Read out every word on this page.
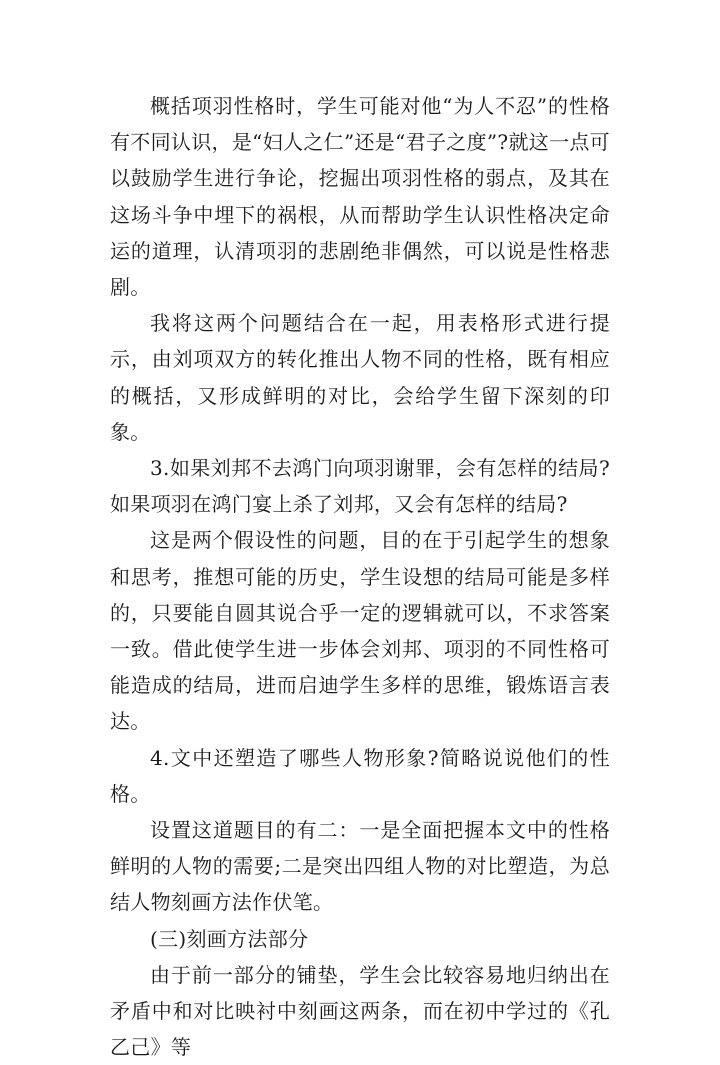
概括项羽性格时，学生可能对他“为人不忍”的性格有不同认识，是“妇人之仁”还是“君子之度”?就这一点可以鼓励学生进行争论，挖掘出项羽性格的弱点，及其在这场斗争中埋下的祸根，从而帮助学生认识性格决定命运的道理，认清项羽的悲剧绝非偶然，可以说是性格悲剧。

我将这两个问题结合在一起，用表格形式进行提示，由刘项双方的转化推出人物不同的性格，既有相应的概括，又形成鲜明的对比，会给学生留下深刻的印象。

3.如果刘邦不去鸿门向项羽谢罪，会有怎样的结局?如果项羽在鸿门宴上杀了刘邦，又会有怎样的结局?

这是两个假设性的问题，目的在于引起学生的想象和思考，推想可能的历史，学生设想的结局可能是多样的，只要能自圆其说合乎一定的逻辑就可以，不求答案一致。借此使学生进一步体会刘邦、项羽的不同性格可能造成的结局，进而启迪学生多样的思维，锻炼语言表达。

4.文中还塑造了哪些人物形象?简略说说他们的性格。

设置这道题目的有二：一是全面把握本文中的性格鲜明的人物的需要;二是突出四组人物的对比塑造，为总结人物刻画方法作伏笔。

(三)刻画方法部分

由于前一部分的铺垫，学生会比较容易地归纳出在矛盾中和对比映衬中刻画这两条，而在初中学过的《孔乙己》等
